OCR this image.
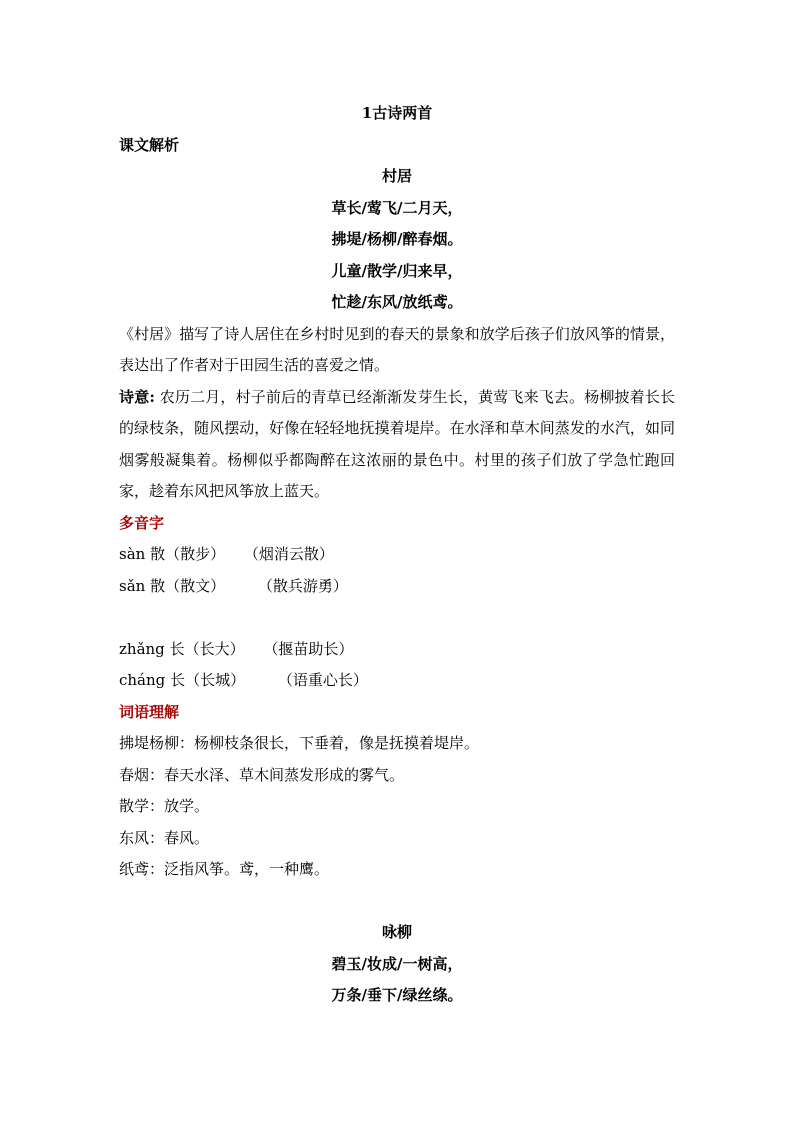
1古诗两首
课文解析
村居
草长/莺飞/二月天，
拂堤/杨柳/醉春烟。
儿童/散学/归来早，
忙趁/东风/放纸鸢。
《村居》描写了诗人居住在乡村时见到的春天的景象和放学后孩子们放风筝的情景，表达出了作者对于田园生活的喜爱之情。
诗意: 农历二月，村子前后的青草已经渐渐发芽生长，黄莺飞来飞去。杨柳披着长长的绿枝条，随风摆动，好像在轻轻地抚摸着堤岸。在水泽和草木间蒸发的水汽，如同烟雾般凝集着。杨柳似乎都陶醉在这浓丽的景色中。村里的孩子们放了学急忙跑回家，趁着东风把风筝放上蓝天。
多音字
sàn 散（散步） （烟消云散）
sǎn 散（散文） （散兵游勇）
zhǎng 长（长大） （揠苗助长）
cháng 长（长城） （语重心长）
词语理解
拂堤杨柳：杨柳枝条很长，下垂着，像是抚摸着堤岸。
春烟：春天水泽、草木间蒸发形成的雾气。
散学：放学。
东风：春风。
纸鸢：泛指风筝。鸢，一种鹰。
咏柳
碧玉/妆成/一树高，
万条/垂下/绿丝绦。
